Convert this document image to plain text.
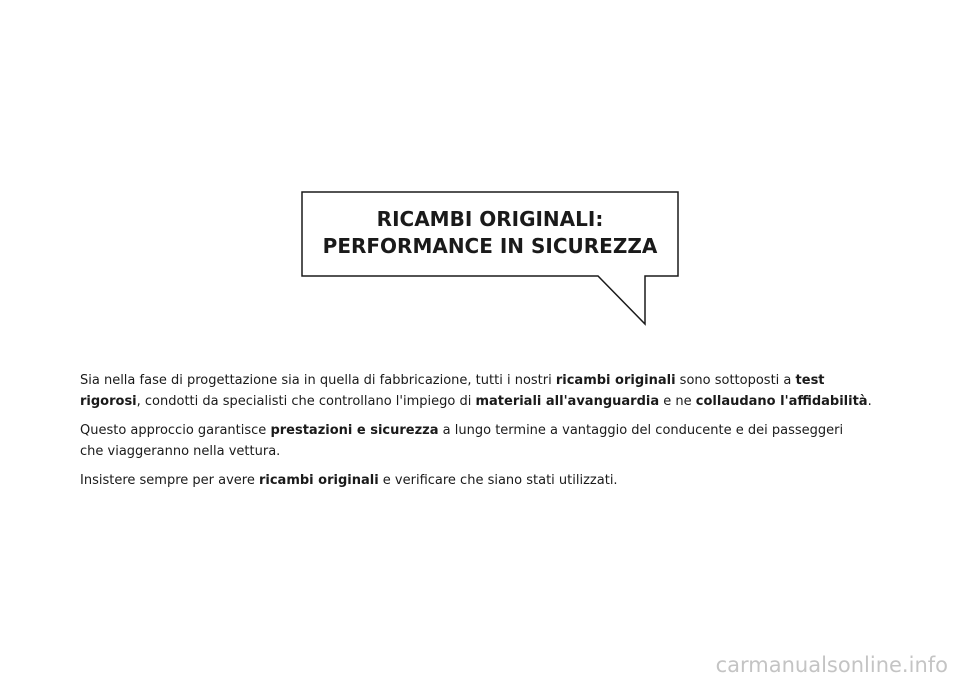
RICAMBI ORIGINALI:
PERFORMANCE IN SICUREZZA

Sia nella fase di progettazione sia in quella di fabbricazione, tutti i nostri ricambi originali sono sottoposti a test
rigorosi, condotti da specialisti che controllano l'impiego di materiali all'avanguardia e ne collaudano l'affidabilità.

Questo approccio garantisce prestazioni e sicurezza a lungo termine a vantaggio del conducente e dei passeggeri
che viaggeranno nella vettura.

Insistere sempre per avere ricambi originali e verificare che siano stati utilizzati.

carmanualsonline.info
